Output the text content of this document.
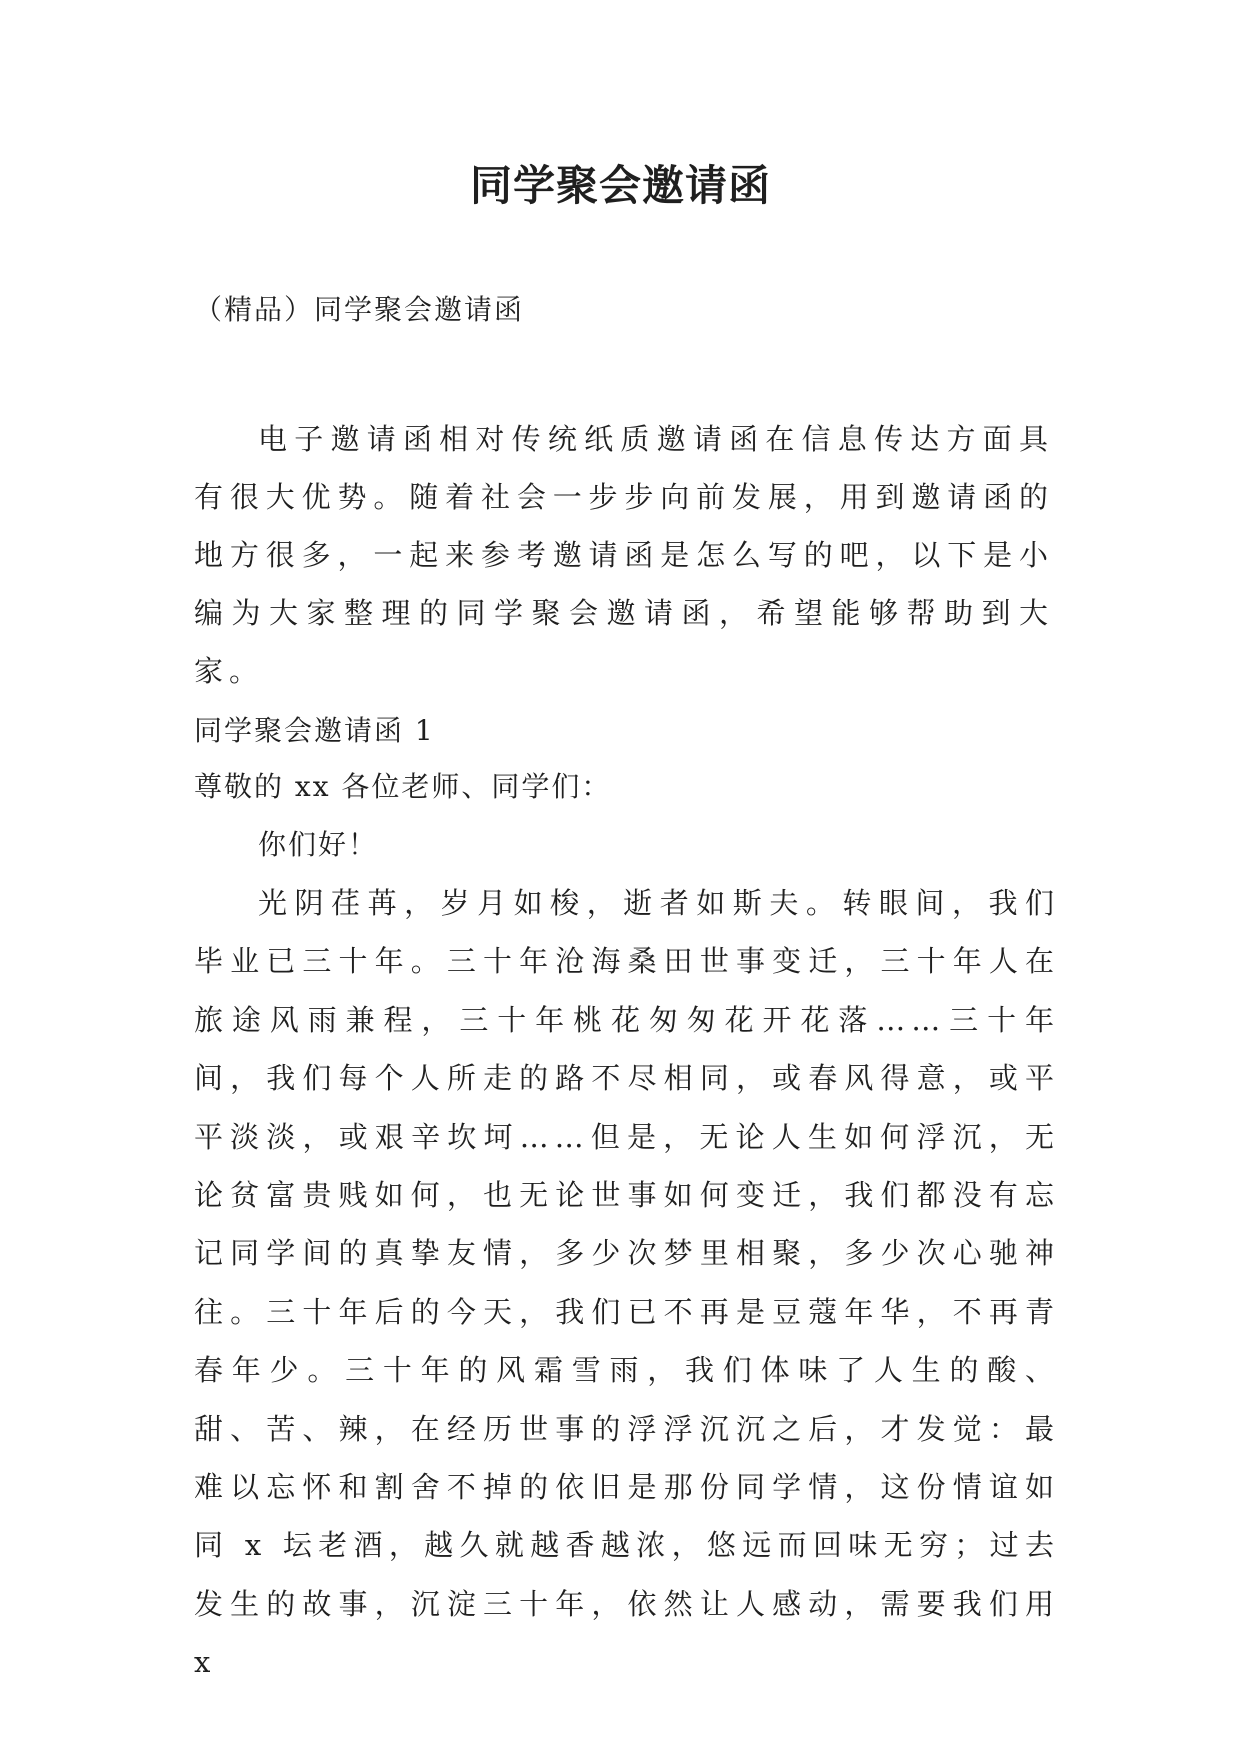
同学聚会邀请函

（精品）同学聚会邀请函

电子邀请函相对传统纸质邀请函在信息传达方面具有很大优势。随着社会一步步向前发展，用到邀请函的地方很多，一起来参考邀请函是怎么写的吧，以下是小编为大家整理的同学聚会邀请函，希望能够帮助到大家。

同学聚会邀请函 1

尊敬的 xx 各位老师、同学们：

你们好！

光阴荏苒，岁月如梭，逝者如斯夫。转眼间，我们毕业已三十年。三十年沧海桑田世事变迁，三十年人在旅途风雨兼程，三十年桃花匆匆花开花落……三十年间，我们每个人所走的路不尽相同，或春风得意，或平平淡淡，或艰辛坎坷……但是，无论人生如何浮沉，无论贫富贵贱如何，也无论世事如何变迁，我们都没有忘记同学间的真挚友情，多少次梦里相聚，多少次心驰神往。三十年后的今天，我们已不再是豆蔻年华，不再青春年少。三十年的风霜雪雨，我们体味了人生的酸、甜、苦、辣，在经历世事的浮浮沉沉之后，才发觉：最难以忘怀和割舍不掉的依旧是那份同学情，这份情谊如同 x 坛老酒，越久就越香越浓，悠远而回味无穷；过去发生的故事，沉淀三十年，依然让人感动，需要我们用 x
